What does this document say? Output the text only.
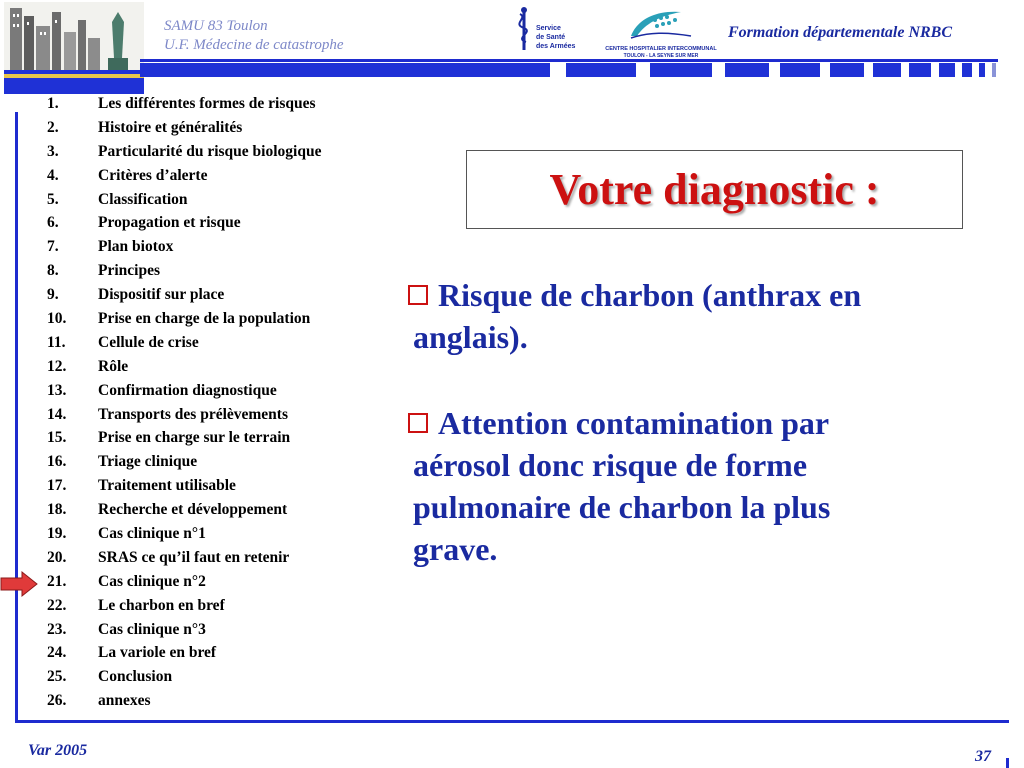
SAMU 83 Toulon
U.F. Médecine de catastrophe
Service
de Santé
des Armées	CENTRE HOSPITALIER INTERCOMMUNAL
TOULON - LA SEYNE SUR MER
Formation départementale NRBC
1.	Les différentes formes de risques
2.	Histoire et généralités
3.	Particularité du risque biologique
4.	Critères d’alerte
5.	Classification
6.	Propagation et risque
7.	Plan biotox
8.	Principes
9.	Dispositif sur place
10. Prise en charge de la population
11. Cellule de crise
12. Rôle
13. Confirmation diagnostique
14. Transports des prélèvements
15. Prise en charge sur le terrain
16. Triage clinique
17. Traitement utilisable
18. Recherche et développement
19. Cas clinique n°1
20. SRAS ce qu’il faut en retenir
21. Cas clinique n°2
22. Le charbon en bref
23. Cas clinique n°3
24. La variole en bref
25. Conclusion
26. annexes
Votre diagnostic :
Risque de charbon (anthrax en
anglais).
Attention contamination par
aérosol donc risque de forme
pulmonaire de charbon la plus
grave.
Var 2005	37
